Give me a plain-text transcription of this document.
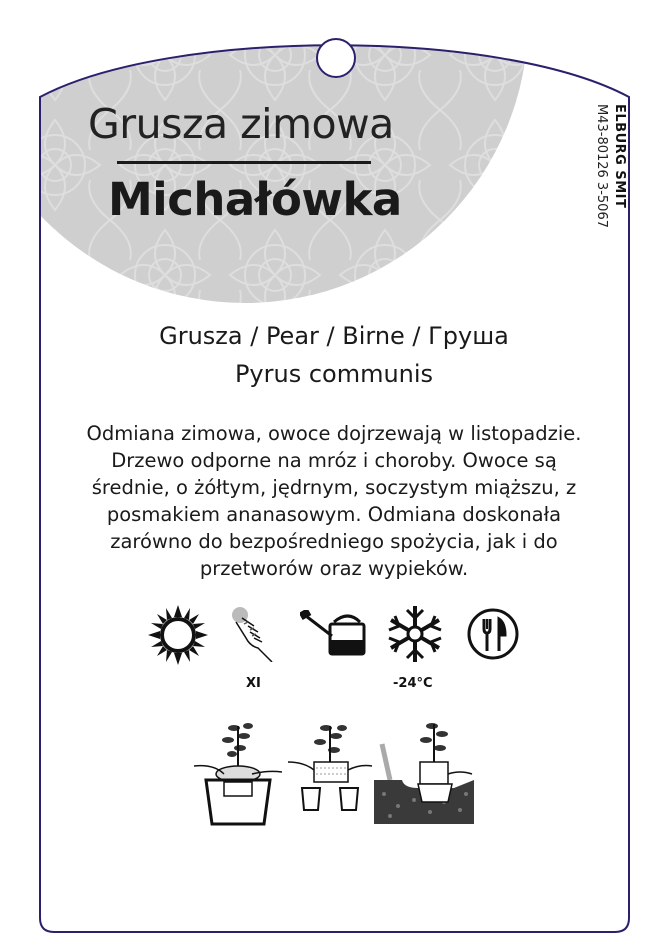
Grusza zimowa
Michałówka	ELBURG SMIT
M43-80126 3-5067
Grusza / Pear / Birne / Груша
Pyrus communis
Odmiana zimowa, owoce dojrzewają w listopadzie. Drzewo odporne na mróz i choroby. Owoce są średnie, o żółtym, jędrnym, soczystym miąższu, z posmakiem ananasowym. Odmiana doskonała zarówno do bezpośredniego spożycia, jak i do przetworów oraz wypieków.
XI	-24°C
